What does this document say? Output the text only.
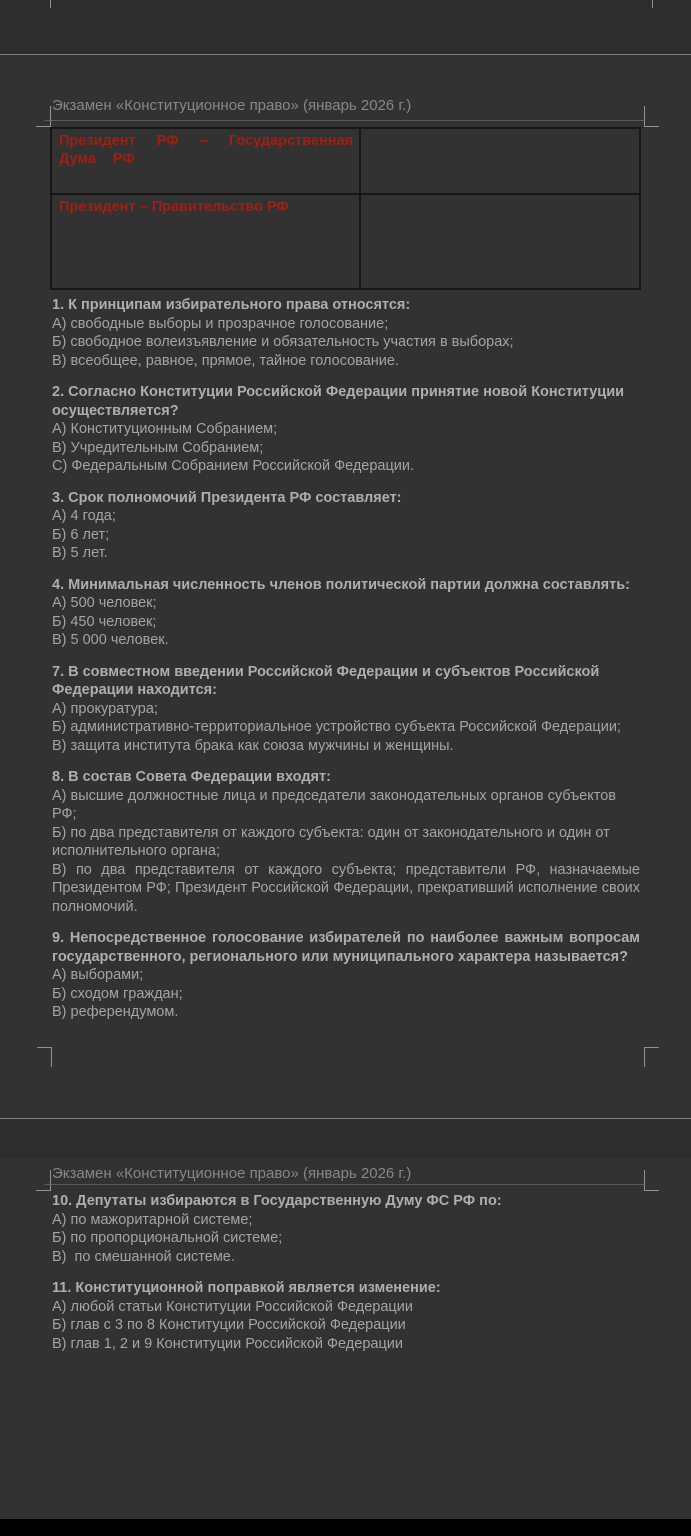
Экзамен «Конституционное право» (январь 2026 г.)
Президент РФ – Государственная Дума РФ	

Президент – Правительство РФ	

1. К принципам избирательного права относятся:
А) свободные выборы и прозрачное голосование;
Б) свободное волеизъявление и обязательность участия в выборах;
В) всеобщее, равное, прямое, тайное голосование.
2. Согласно Конституции Российской Федерации принятие новой Конституции осуществляется?
А) Конституционным Собранием;
В) Учредительным Собранием;
С) Федеральным Собранием Российской Федерации.
3. Срок полномочий Президента РФ составляет:
А) 4 года;
Б) 6 лет;
В) 5 лет.
4. Минимальная численность членов политической партии должна составлять:
А) 500 человек;
Б) 450 человек;
В) 5 000 человек.
7. В совместном введении Российской Федерации и субъектов Российской Федерации находится:
А) прокуратура;
Б) административно-территориальное устройство субъекта Российской Федерации;
В) защита института брака как союза мужчины и женщины.
8. В состав Совета Федерации входят:
А) высшие должностные лица и председатели законодательных органов субъектов РФ;
Б) по два представителя от каждого субъекта: один от законодательного и один от исполнительного органа;
В) по два представителя от каждого субъекта; представители РФ, назначаемые Президентом РФ; Президент Российской Федерации, прекративший исполнение своих полномочий.
9. Непосредственное голосование избирателей по наиболее важным вопросам государственного, регионального или муниципального характера называется?
А) выборами;
Б) сходом граждан;
В) референдумом.
Экзамен «Конституционное право» (январь 2026 г.)
10. Депутаты избираются в Государственную Думу ФС РФ по:
А) по мажоритарной системе;
Б) по пропорциональной системе;
В)  по смешанной системе.
11. Конституционной поправкой является изменение:
А) любой статьи Конституции Российской Федерации
Б) глав с 3 по 8 Конституции Российской Федерации
В) глав 1, 2 и 9 Конституции Российской Федерации
